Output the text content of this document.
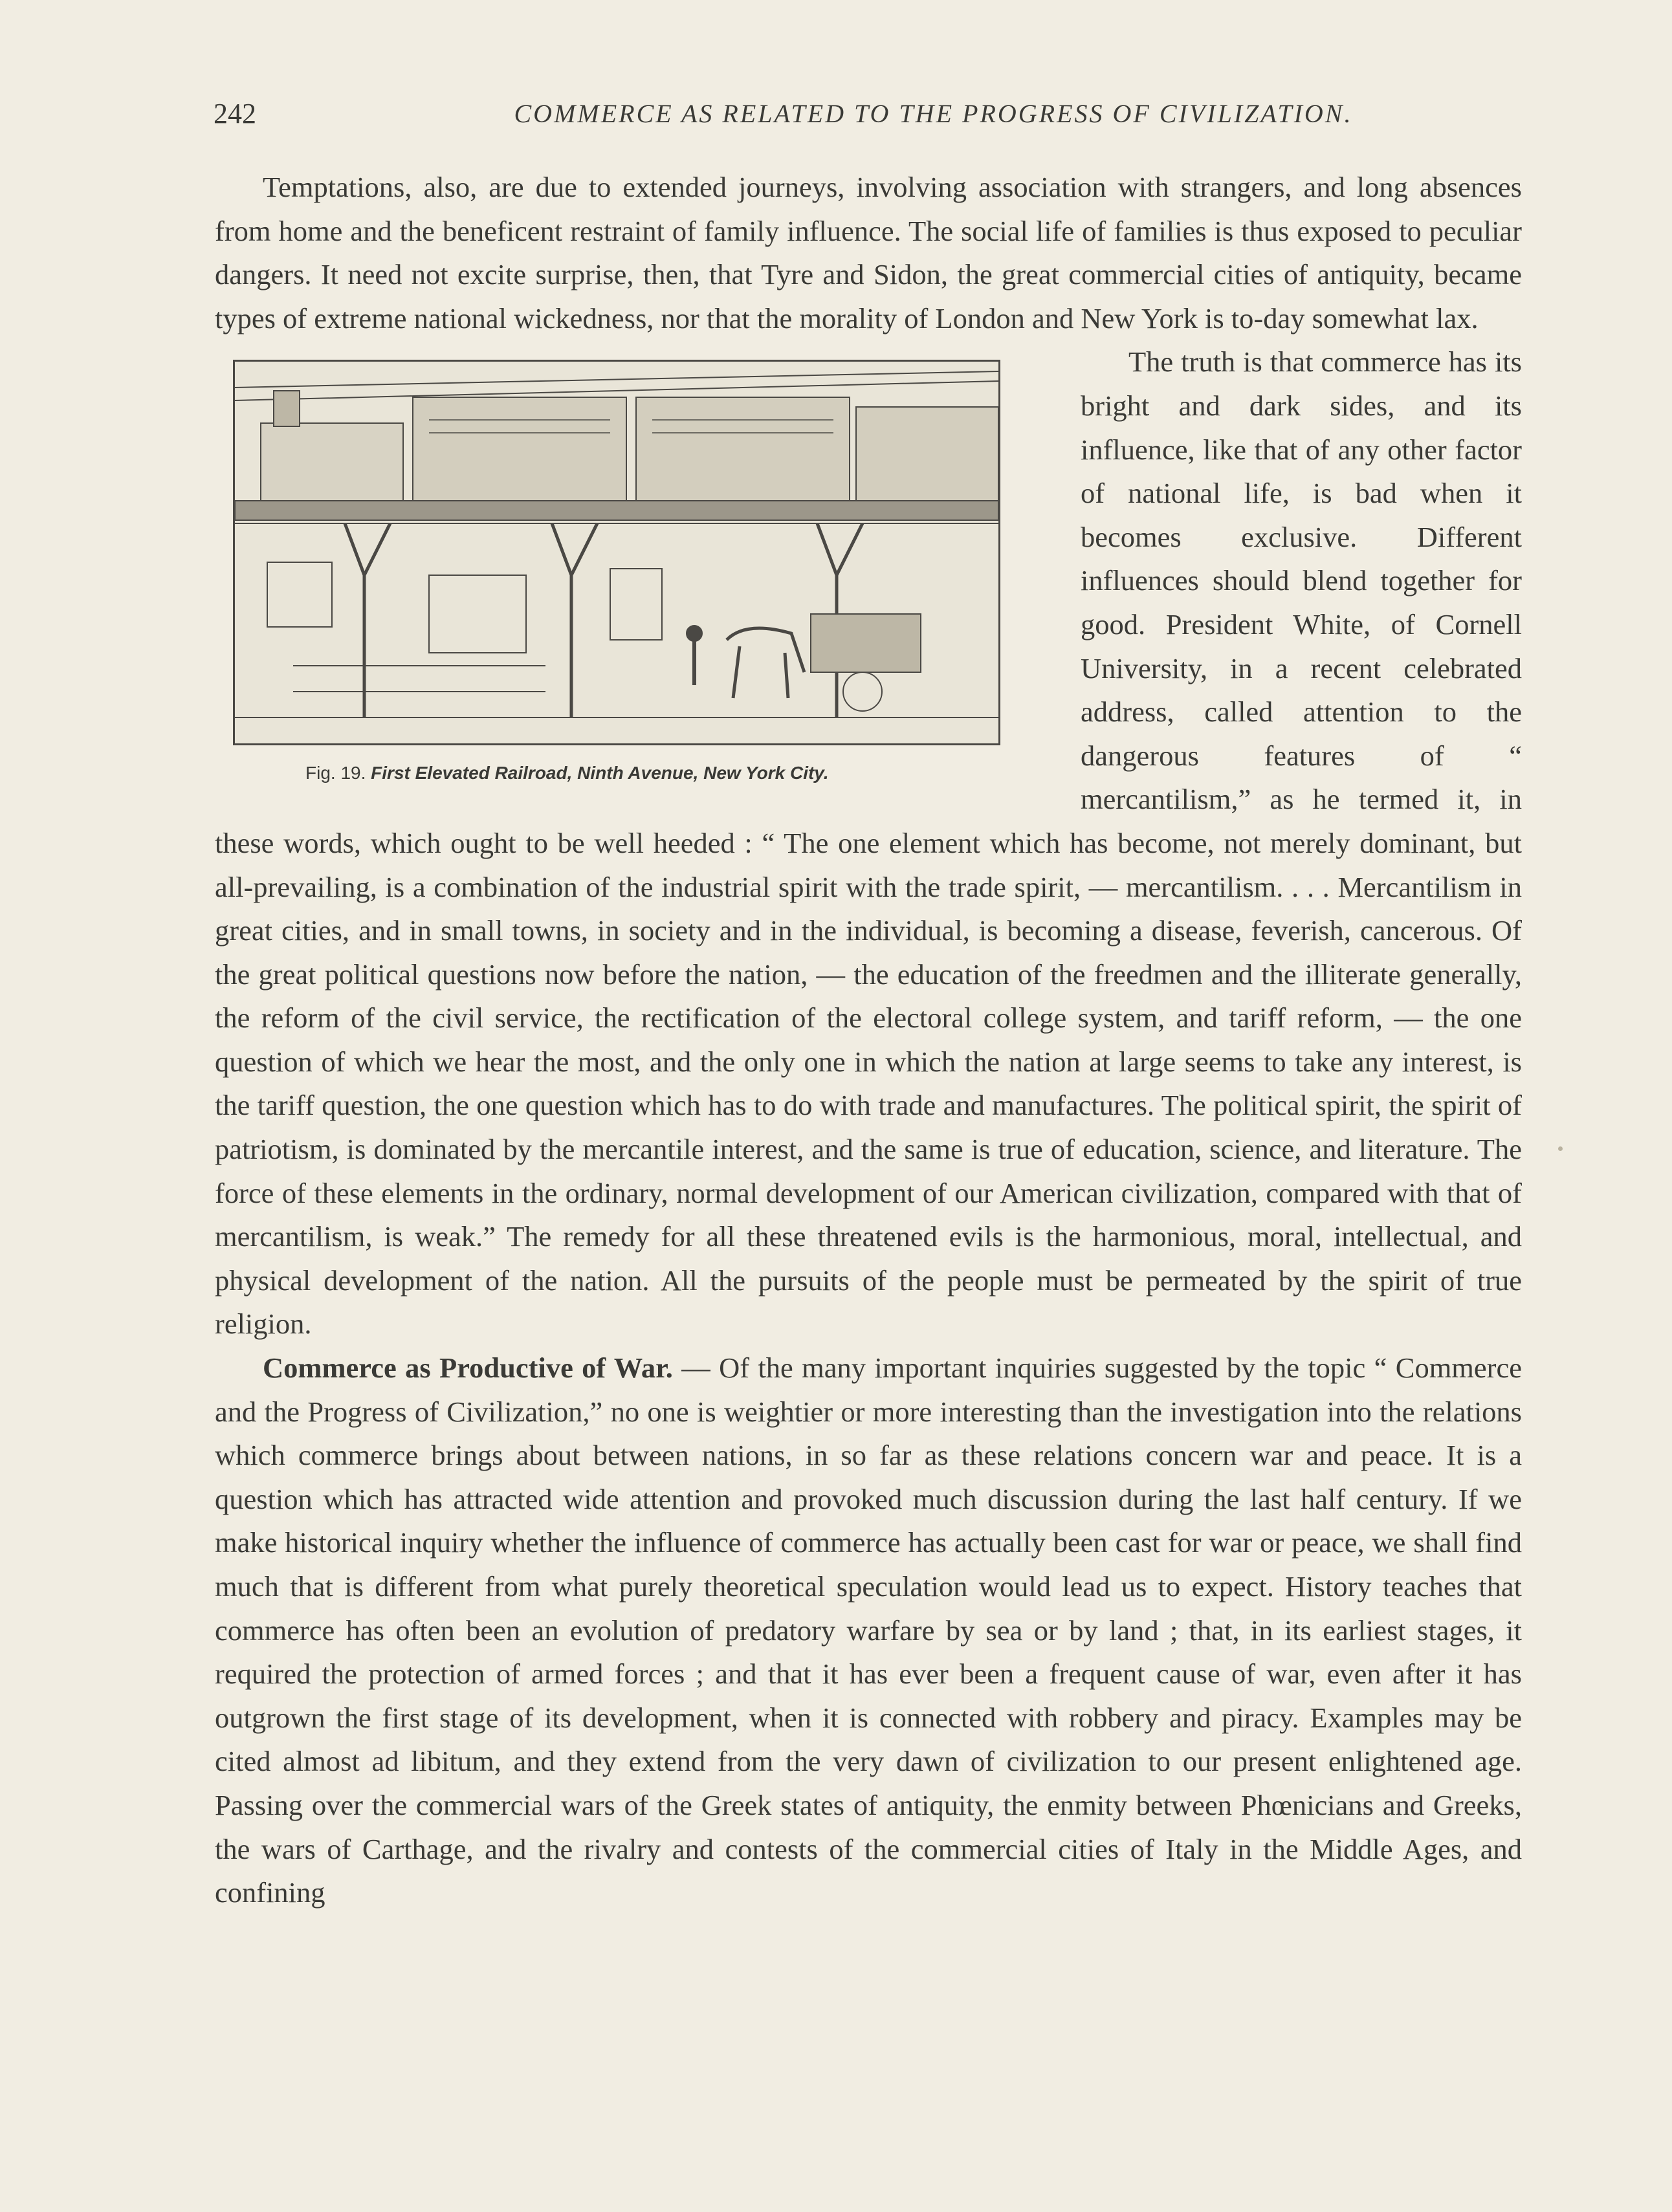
242	COMMERCE AS RELATED TO THE PROGRESS OF CIVILIZATION.

Temptations, also, are due to extended journeys, involving association with strangers, and long absences from home and the beneficent restraint of family influence. The social life of families is thus exposed to peculiar dangers. It need not excite surprise, then, that Tyre and Sidon, the great commercial cities of antiquity, became types of extreme national wickedness, nor that the morality of London and New York is to-day somewhat lax.

Fig. 19. First Elevated Railroad, Ninth Avenue, New York City.
The truth is that commerce has its bright and dark sides, and its influence, like that of any other factor of national life, is bad when it becomes exclusive. Different influences should blend together for good. President White, of Cornell University, in a recent celebrated address, called attention to the dangerous features of “ mercantilism,” as he termed it, in these words, which ought to be well heeded : “ The one element which has become, not merely dominant, but all-prevailing, is a combination of the industrial spirit with the trade spirit, — mercantilism. . . . Mercantilism in great cities, and in small towns, in society and in the individual, is becoming a disease, feverish, cancerous. Of the great political questions now before the nation, — the education of the freedmen and the illiterate generally, the reform of the civil service, the rectification of the electoral college system, and tariff reform, — the one question of which we hear the most, and the only one in which the nation at large seems to take any interest, is the tariff question, the one question which has to do with trade and manufactures. The political spirit, the spirit of patriotism, is dominated by the mercantile interest, and the same is true of education, science, and literature. The force of these elements in the ordinary, normal development of our American civilization, compared with that of mercantilism, is weak.” The remedy for all these threatened evils is the harmonious, moral, intellectual, and physical development of the nation. All the pursuits of the people must be permeated by the spirit of true religion.

Commerce as Productive of War. — Of the many important inquiries suggested by the topic “ Commerce and the Progress of Civilization,” no one is weightier or more interesting than the investigation into the relations which commerce brings about between nations, in so far as these relations concern war and peace. It is a question which has attracted wide attention and provoked much discussion during the last half century. If we make historical inquiry whether the influence of commerce has actually been cast for war or peace, we shall find much that is different from what purely theoretical speculation would lead us to expect. History teaches that commerce has often been an evolution of predatory warfare by sea or by land ; that, in its earliest stages, it required the protection of armed forces ; and that it has ever been a frequent cause of war, even after it has outgrown the first stage of its development, when it is connected with robbery and piracy. Examples may be cited almost ad libitum, and they extend from the very dawn of civilization to our present enlightened age. Passing over the commercial wars of the Greek states of antiquity, the enmity between Phœnicians and Greeks, the wars of Carthage, and the rivalry and contests of the commercial cities of Italy in the Middle Ages, and confining
